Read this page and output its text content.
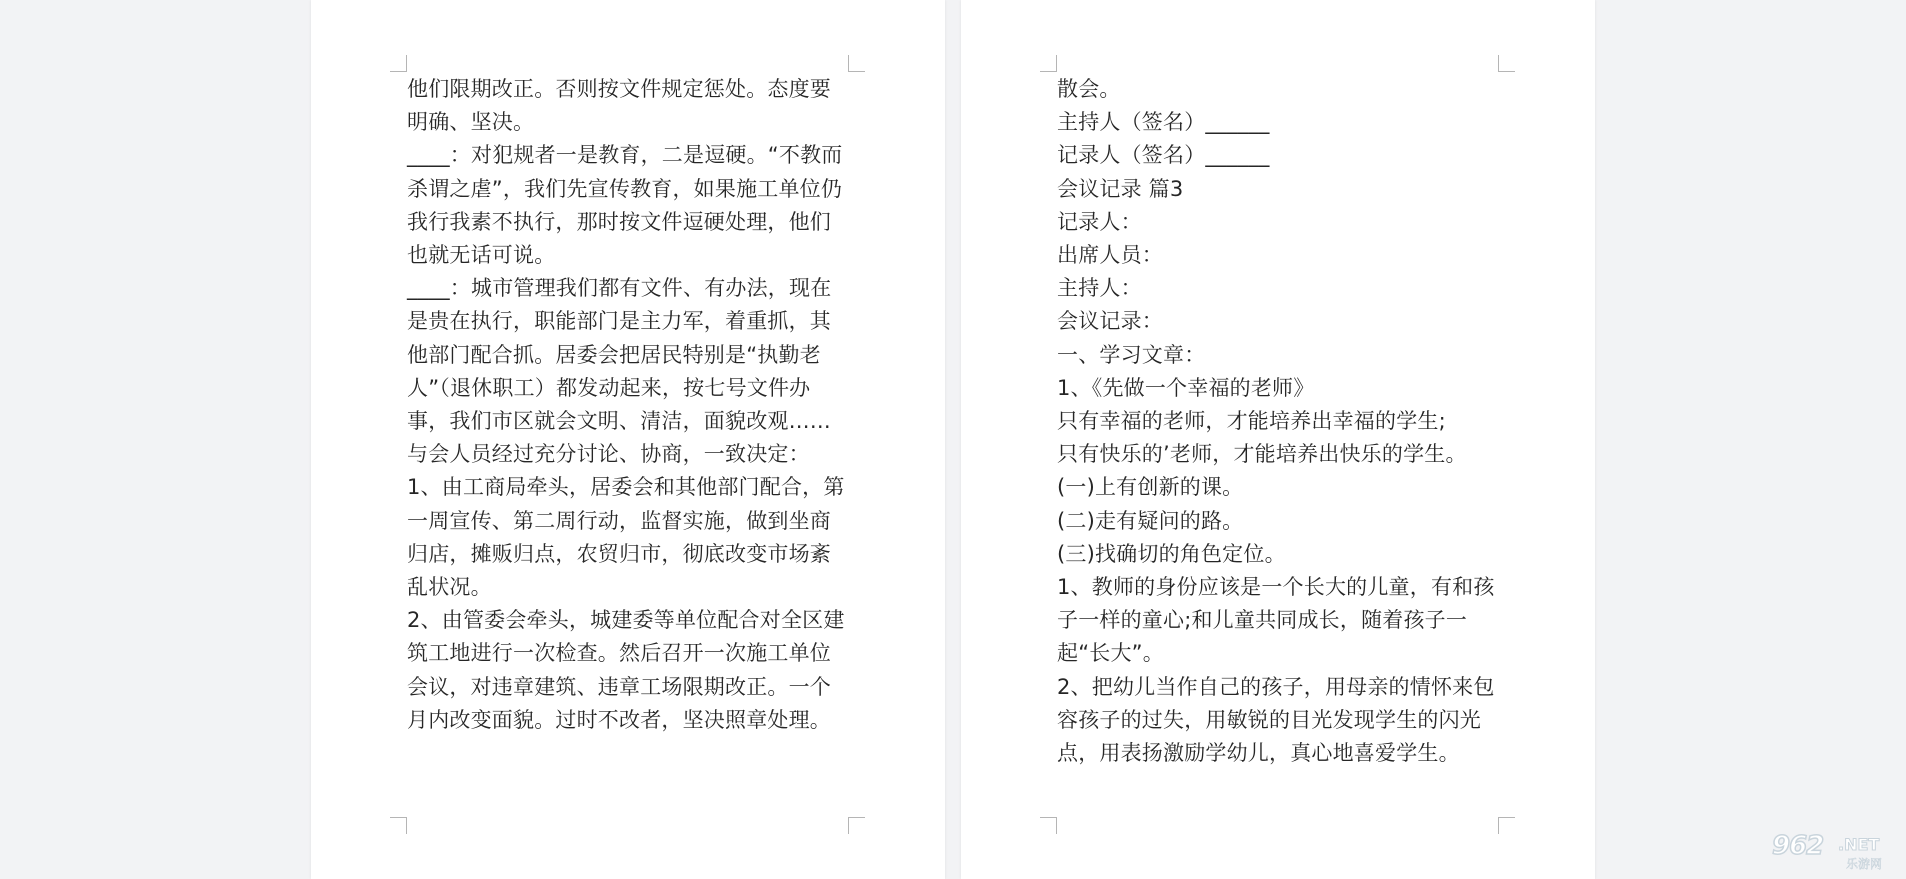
他们限期改正。否则按文件规定惩处。态度要明确、坚决。

____：对犯规者一是教育，二是逗硬。“不教而杀谓之虐”，我们先宣传教育，如果施工单位仍我行我素不执行，那时按文件逗硬处理，他们也就无话可说。

____：城市管理我们都有文件、有办法，现在是贵在执行，职能部门是主力军，着重抓，其他部门配合抓。居委会把居民特别是“执勤老人”（退休职工）都发动起来，按七号文件办事，我们市区就会文明、清洁，面貌改观……

与会人员经过充分讨论、协商，一致决定：

1、由工商局牵头，居委会和其他部门配合，第一周宣传、第二周行动，监督实施，做到坐商归店，摊贩归点，农贸归市，彻底改变市场紊乱状况。

2、由管委会牵头，城建委等单位配合对全区建筑工地进行一次检查。然后召开一次施工单位会议，对违章建筑、违章工场限期改正。一个月内改变面貌。过时不改者，坚决照章处理。

散会。

主持人（签名）______

记录人（签名）______

会议记录 篇3

记录人：

出席人员：

主持人：

会议记录：

一、学习文章：

1、《先做一个幸福的老师》

只有幸福的老师，才能培养出幸福的学生;

只有快乐的’老师，才能培养出快乐的学生。

(一)上有创新的课。

(二)走有疑问的路。

(三)找确切的角色定位。

1、教师的身份应该是一个长大的儿童，有和孩子一样的童心;和儿童共同成长，随着孩子一起“长大”。

2、把幼儿当作自己的孩子，用母亲的情怀来包容孩子的过失，用敏锐的目光发现学生的闪光点，用表扬激励学幼儿，真心地喜爱学生。

962 .NET
乐游网
